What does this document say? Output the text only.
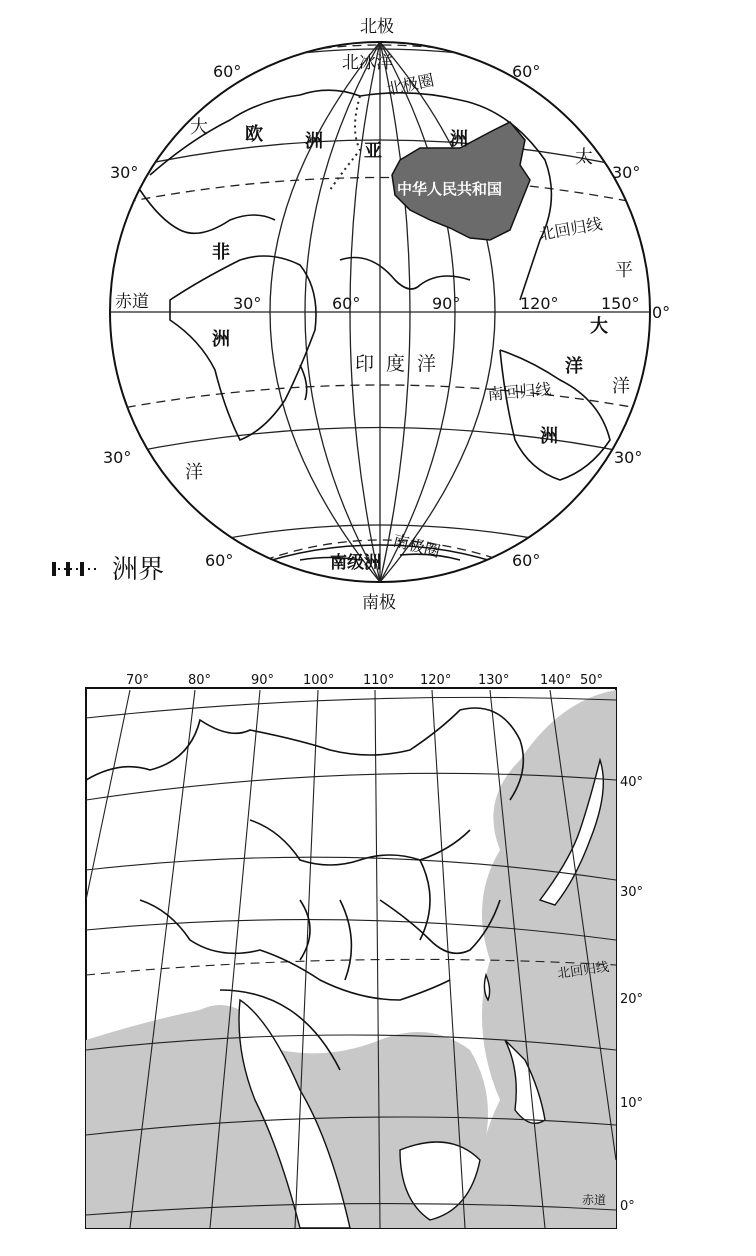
北极
南极
北冰洋
北极圈
南极圈
北回归线
南回归线
赤道
欧 洲 亚
洲
非
洲
中华人民共和国
印度洋
大
洋
太
平
洋
大
洋
洲
南级洲
60°	60°
30°	30°
30°	30°
60°	60°
30°	60°	90°	120°	150° 0°
洲界
70°	80°	90° 100° 110° 120° 130° 140° 50°
40°
30°
20°
10°
0°
北回归线
赤道
